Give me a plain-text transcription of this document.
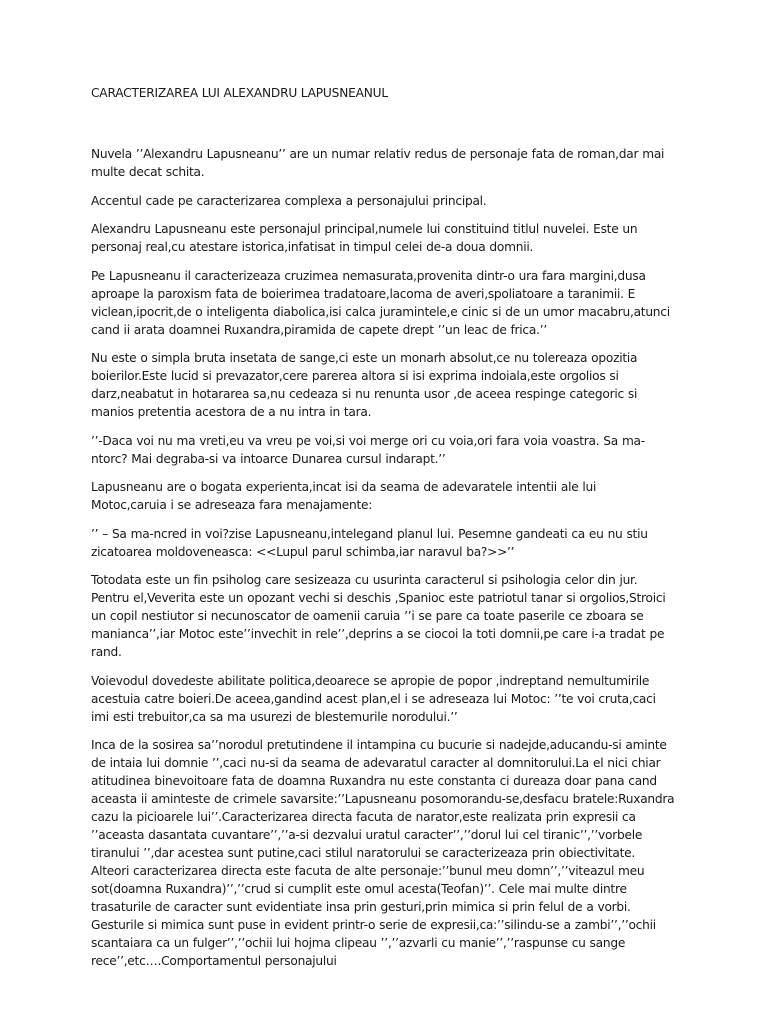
CARACTERIZAREA LUI ALEXANDRU LAPUSNEANUL

Nuvela ’’Alexandru Lapusneanu’’ are un numar relativ redus de personaje fata de roman,dar mai multe decat schita.

Accentul cade pe caracterizarea complexa a personajului principal.

Alexandru Lapusneanu este personajul principal,numele lui constituind titlul nuvelei. Este un personaj real,cu atestare istorica,infatisat in timpul celei de-a doua domnii.

Pe Lapusneanu il caracterizeaza cruzimea nemasurata,provenita dintr-o ura fara margini,dusa aproape la paroxism fata de boierimea tradatoare,lacoma de averi,spoliatoare a taranimii. E viclean,ipocrit,de o inteligenta diabolica,isi calca juramintele,e cinic si de un umor macabru,atunci cand ii arata doamnei Ruxandra,piramida de capete drept ’’un leac de frica.’’

Nu este o simpla bruta insetata de sange,ci este un monarh absolut,ce nu tolereaza opozitia boierilor.Este lucid si prevazator,cere parerea altora si isi exprima indoiala,este orgolios si darz,neabatut in hotararea sa,nu cedeaza si nu renunta usor ,de aceea respinge categoric si manios pretentia acestora de a nu intra in tara.

’’-Daca voi nu ma vreti,eu va vreu pe voi,si voi merge ori cu voia,ori fara voia voastra. Sa ma-ntorc? Mai degraba-si va intoarce Dunarea cursul indarapt.’’

Lapusneanu are o bogata experienta,incat isi da seama de adevaratele intentii ale lui Motoc,caruia i se adreseaza fara menajamente:

’’ – Sa ma-ncred in voi?zise Lapusneanu,intelegand planul lui. Pesemne gandeati ca eu nu stiu zicatoarea moldoveneasca: <<Lupul parul schimba,iar naravul ba?>>’’

Totodata este un fin psiholog care sesizeaza cu usurinta caracterul si psihologia celor din jur. Pentru el,Veverita este un opozant vechi si deschis ,Spanioc este patriotul tanar si orgolios,Stroici un copil nestiutor si necunoscator de oamenii caruia ’’i se pare ca toate paserile ce zboara se manianca’’,iar Motoc este’’invechit in rele’’,deprins a se ciocoi la toti domnii,pe care i-a tradat pe rand.

Voievodul dovedeste abilitate politica,deoarece se apropie de popor ,indreptand nemultumirile acestuia catre boieri.De aceea,gandind acest plan,el i se adreseaza lui Motoc: ’’te voi cruta,caci imi esti trebuitor,ca sa ma usurezi de blestemurile norodului.’’

Inca de la sosirea sa’’norodul pretutindene il intampina cu bucurie si nadejde,aducandu-si aminte de intaia lui domnie ’’,caci nu-si da seama de adevaratul caracter al domnitorului.La el nici chiar atitudinea binevoitoare fata de doamna Ruxandra nu este constanta ci dureaza doar pana cand aceasta ii aminteste de crimele savarsite:’’Lapusneanu posomorandu-se,desfacu bratele:Ruxandra cazu la picioarele lui’’.Caracterizarea directa facuta de narator,este realizata prin expresii ca ’’aceasta dasantata cuvantare’’,’’a-si dezvalui uratul caracter’’,’’dorul lui cel tiranic’’,’’vorbele tiranului ’’,dar acestea sunt putine,caci stilul naratorului se caracterizeaza prin obiectivitate. Alteori caracterizarea directa este facuta de alte personaje:’’bunul meu domn’’,’’viteazul meu sot(doamna Ruxandra)’’,’’crud si cumplit este omul acesta(Teofan)’’. Cele mai multe dintre trasaturile de caracter sunt evidentiate insa prin gesturi,prin mimica si prin felul de a vorbi. Gesturile si mimica sunt puse in evident printr-o serie de expresii,ca:’’silindu-se a zambi’’,’’ochii scantaiara ca un fulger’’,’’ochii lui hojma clipeau ’’,’’azvarli cu manie’’,’’raspunse cu sange rece’’,etc….Comportamentul personajului
